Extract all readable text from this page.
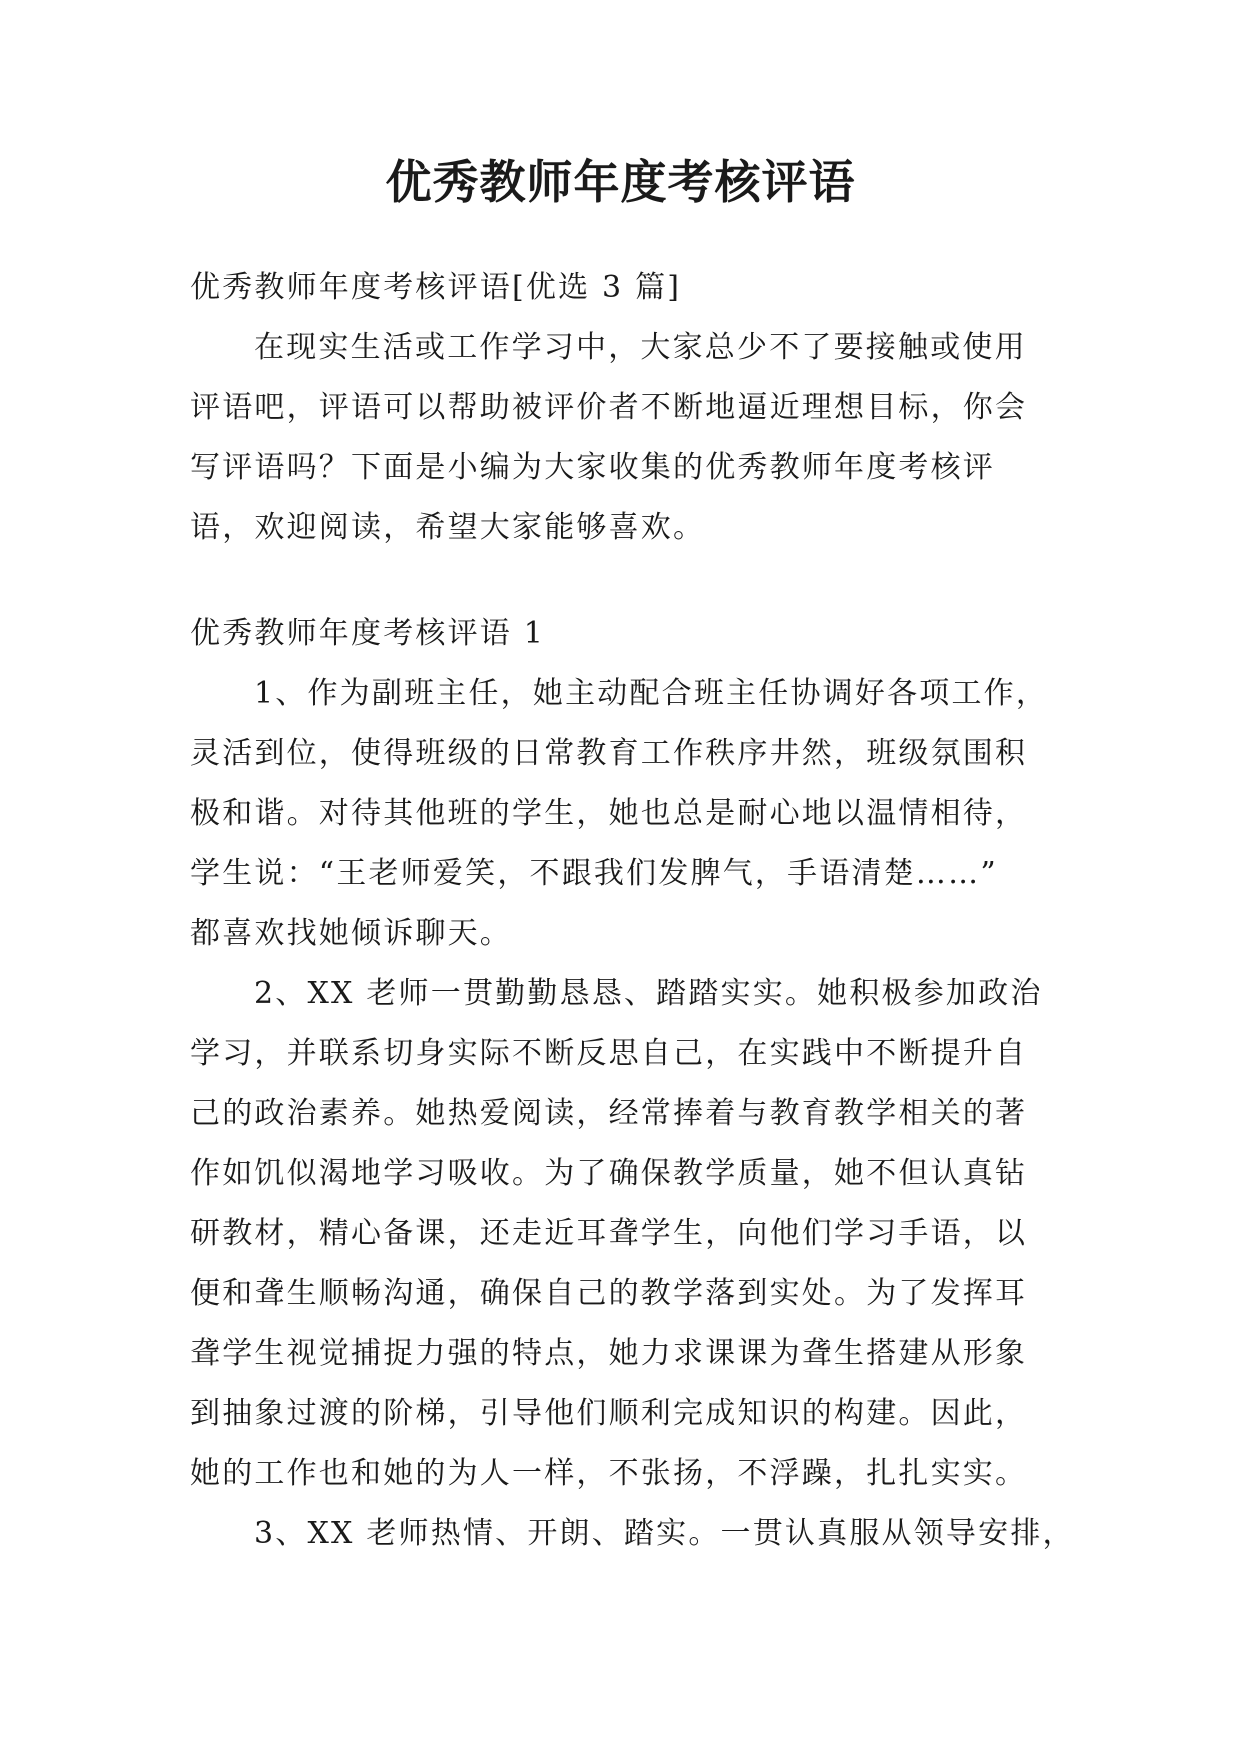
优秀教师年度考核评语
优秀教师年度考核评语[优选 3 篇]
在现实生活或工作学习中，大家总少不了要接触或使用
评语吧，评语可以帮助被评价者不断地逼近理想目标，你会
写评语吗？下面是小编为大家收集的优秀教师年度考核评
语，欢迎阅读，希望大家能够喜欢。
优秀教师年度考核评语 1
1、作为副班主任，她主动配合班主任协调好各项工作，
灵活到位，使得班级的日常教育工作秩序井然，班级氛围积
极和谐。对待其他班的学生，她也总是耐心地以温情相待，
学生说：“王老师爱笑，不跟我们发脾气，手语清楚……”
都喜欢找她倾诉聊天。
2、XX 老师一贯勤勤恳恳、踏踏实实。她积极参加政治
学习，并联系切身实际不断反思自己，在实践中不断提升自
己的政治素养。她热爱阅读，经常捧着与教育教学相关的著
作如饥似渴地学习吸收。为了确保教学质量，她不但认真钻
研教材，精心备课，还走近耳聋学生，向他们学习手语，以
便和聋生顺畅沟通，确保自己的教学落到实处。为了发挥耳
聋学生视觉捕捉力强的特点，她力求课课为聋生搭建从形象
到抽象过渡的阶梯，引导他们顺利完成知识的构建。因此，
她的工作也和她的为人一样，不张扬，不浮躁，扎扎实实。
3、XX 老师热情、开朗、踏实。一贯认真服从领导安排，
